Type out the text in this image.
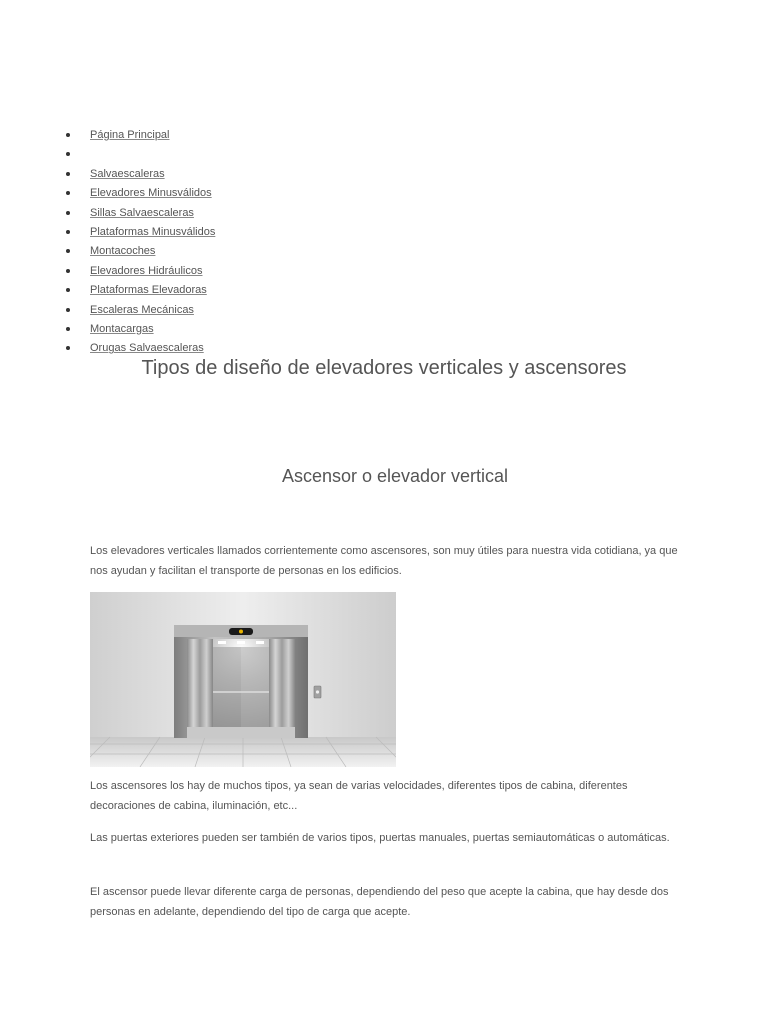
Página Principal
Salvaescaleras
Elevadores Minusválidos
Sillas Salvaescaleras
Plataformas Minusválidos
Montacoches
Elevadores Hidráulicos
Plataformas Elevadoras
Escaleras Mecánicas
Montacargas
Orugas Salvaescaleras
Tipos de diseño de elevadores verticales y ascensores
Ascensor o elevador vertical

Los elevadores verticales llamados corrientemente como ascensores, son muy útiles para nuestra vida cotidiana, ya que nos ayudan y facilitan el transporte de personas en los edificios.

Los ascensores los hay de muchos tipos, ya sean de varias velocidades, diferentes tipos de cabina, diferentes decoraciones de cabina, iluminación, etc...

Las puertas exteriores pueden ser también de varios tipos, puertas manuales, puertas semiautomáticas o automáticas.

El ascensor puede llevar diferente carga de personas, dependiendo del peso que acepte la cabina, que hay desde dos personas en adelante, dependiendo del tipo de carga que acepte.
